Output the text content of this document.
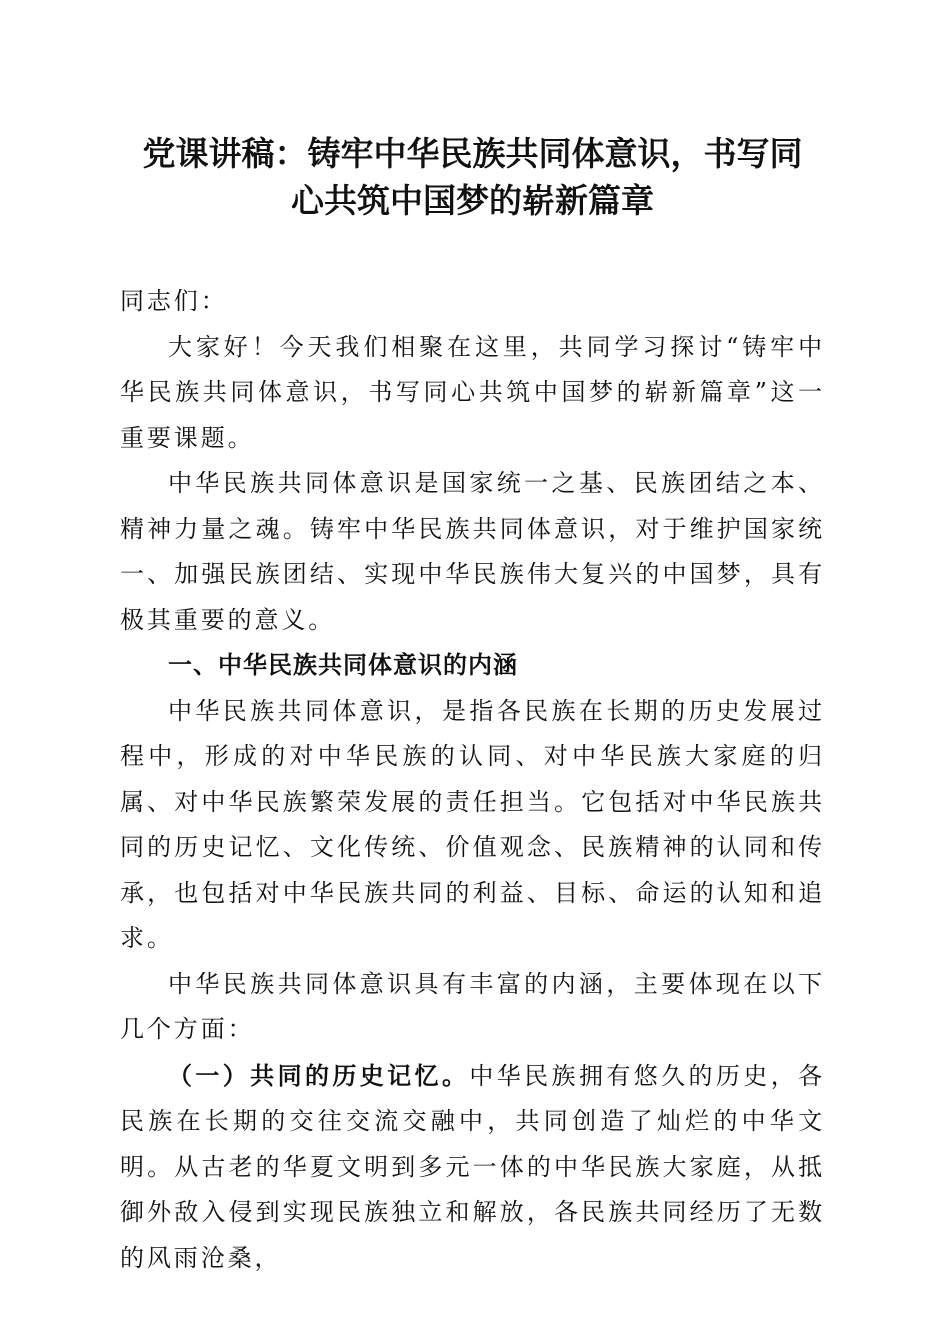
党课讲稿：铸牢中华民族共同体意识，书写同
心共筑中国梦的崭新篇章

同志们：

大家好！今天我们相聚在这里，共同学习探讨“铸牢中华民族共同体意识，书写同心共筑中国梦的崭新篇章”这一重要课题。

中华民族共同体意识是国家统一之基、民族团结之本、精神力量之魂。铸牢中华民族共同体意识，对于维护国家统一、加强民族团结、实现中华民族伟大复兴的中国梦，具有极其重要的意义。

一、中华民族共同体意识的内涵

中华民族共同体意识，是指各民族在长期的历史发展过程中，形成的对中华民族的认同、对中华民族大家庭的归属、对中华民族繁荣发展的责任担当。它包括对中华民族共同的历史记忆、文化传统、价值观念、民族精神的认同和传承，也包括对中华民族共同的利益、目标、命运的认知和追求。

中华民族共同体意识具有丰富的内涵，主要体现在以下几个方面：

（一）共同的历史记忆。中华民族拥有悠久的历史，各民族在长期的交往交流交融中，共同创造了灿烂的中华文明。从古老的华夏文明到多元一体的中华民族大家庭，从抵御外敌入侵到实现民族独立和解放，各民族共同经历了无数的风雨沧桑，
